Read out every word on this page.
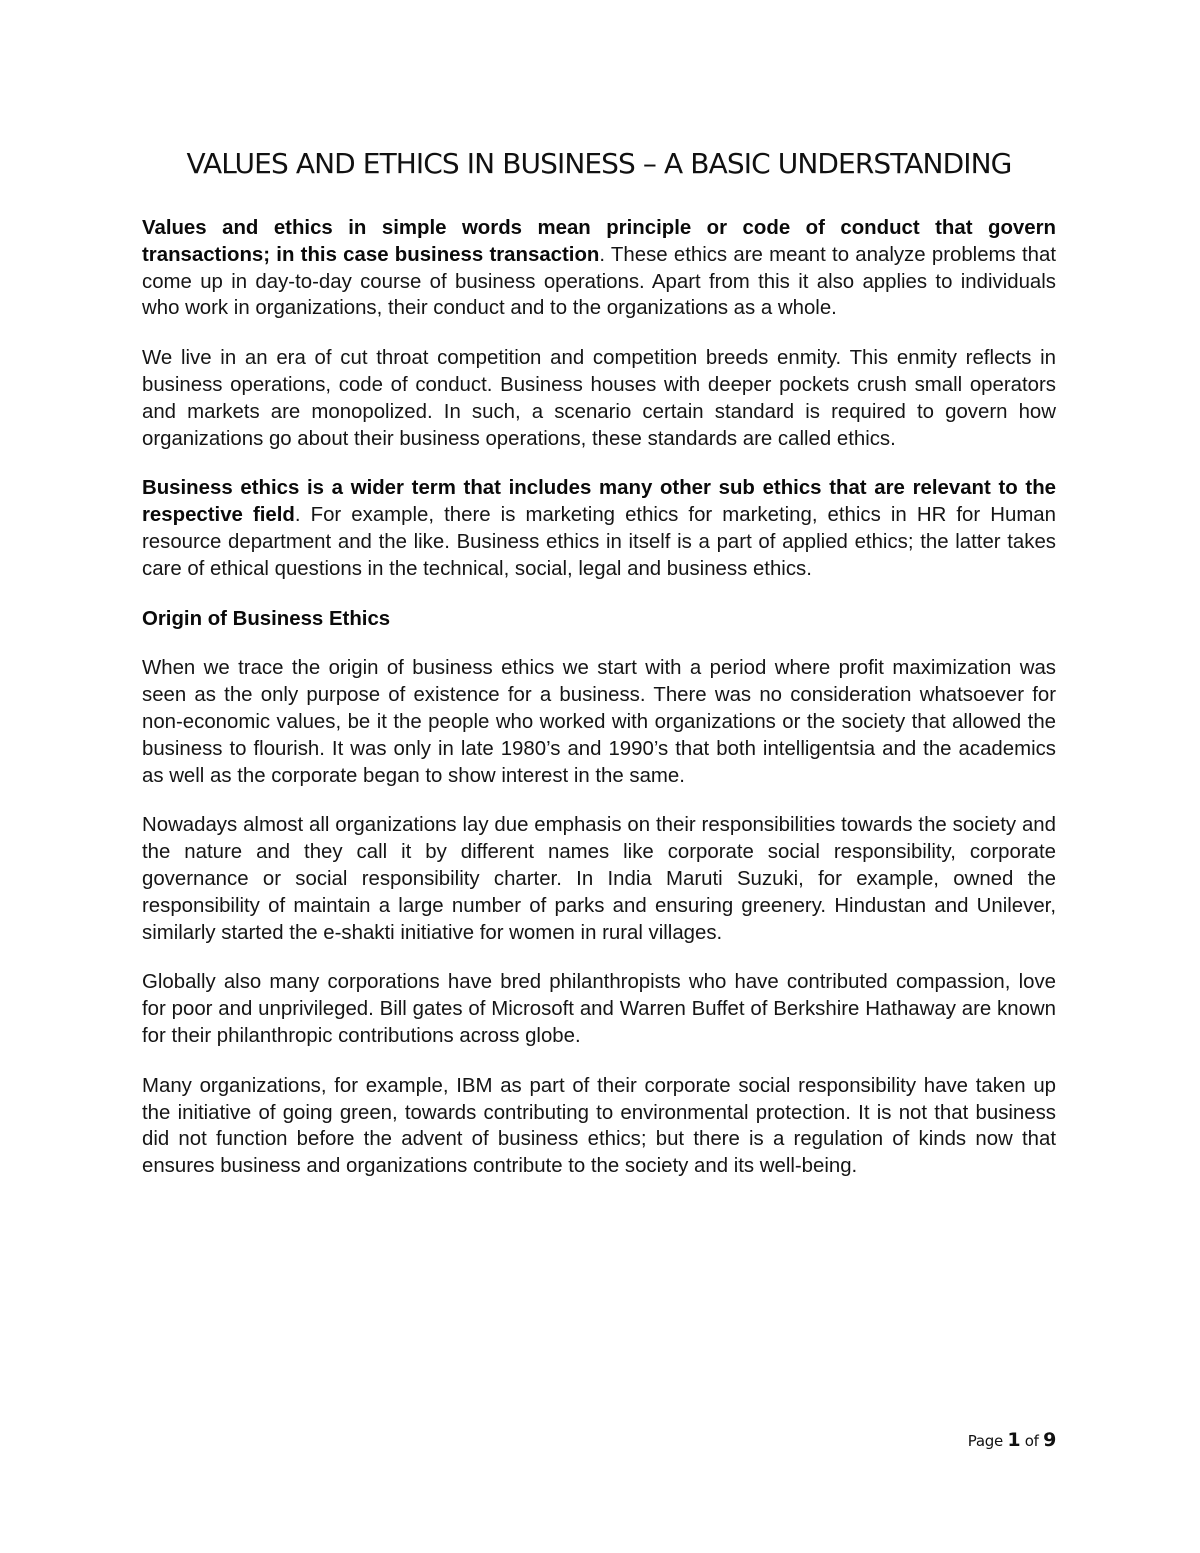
VALUES AND ETHICS IN BUSINESS – A BASIC UNDERSTANDING

Values and ethics in simple words mean principle or code of conduct that govern transactions; in this case business transaction. These ethics are meant to analyze problems that come up in day-to-day course of business operations. Apart from this it also applies to individuals who work in organizations, their conduct and to the organizations as a whole.

We live in an era of cut throat competition and competition breeds enmity. This enmity reflects in business operations, code of conduct. Business houses with deeper pockets crush small operators and markets are monopolized. In such, a scenario certain standard is required to govern how organizations go about their business operations, these standards are called ethics.

Business ethics is a wider term that includes many other sub ethics that are relevant to the respective field. For example, there is marketing ethics for marketing, ethics in HR for Human resource department and the like. Business ethics in itself is a part of applied ethics; the latter takes care of ethical questions in the technical, social, legal and business ethics.

Origin of Business Ethics

When we trace the origin of business ethics we start with a period where profit maximization was seen as the only purpose of existence for a business. There was no consideration whatsoever for non-economic values, be it the people who worked with organizations or the society that allowed the business to flourish. It was only in late 1980’s and 1990’s that both intelligentsia and the academics as well as the corporate began to show interest in the same.

Nowadays almost all organizations lay due emphasis on their responsibilities towards the society and the nature and they call it by different names like corporate social responsibility, corporate governance or social responsibility charter. In India Maruti Suzuki, for example, owned the responsibility of maintain a large number of parks and ensuring greenery. Hindustan and Unilever, similarly started the e-shakti initiative for women in rural villages.

Globally also many corporations have bred philanthropists who have contributed compassion, love for poor and unprivileged. Bill gates of Microsoft and Warren Buffet of Berkshire Hathaway are known for their philanthropic contributions across globe.

Many organizations, for example, IBM as part of their corporate social responsibility have taken up the initiative of going green, towards contributing to environmental protection. It is not that business did not function before the advent of business ethics; but there is a regulation of kinds now that ensures business and organizations contribute to the society and its well-being.

Page 1 of 9
